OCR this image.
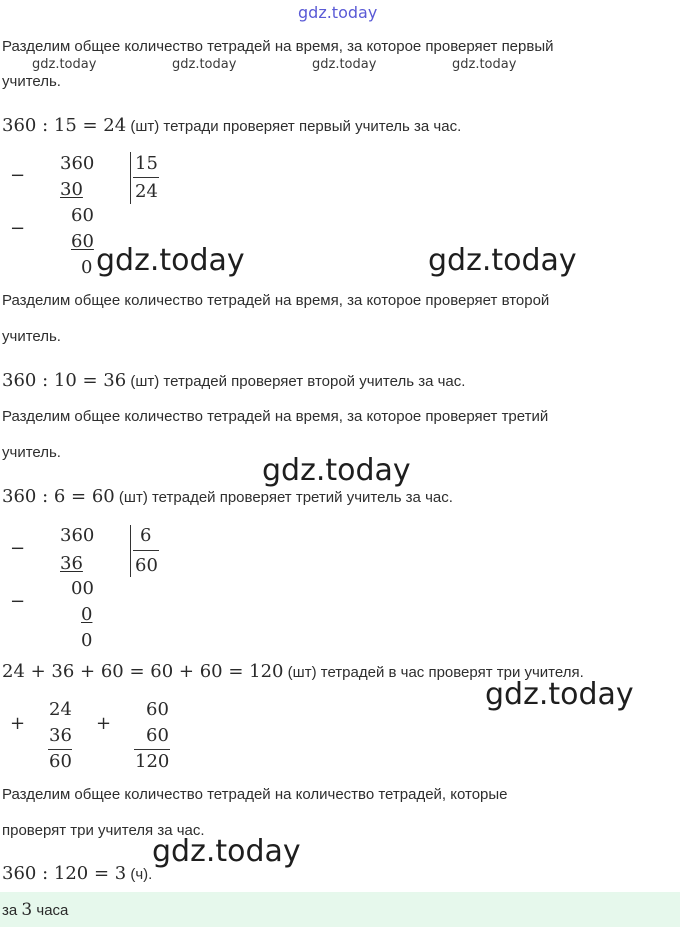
gdz.today
gdz.today	gdz.today	gdz.today	gdz.today
Разделим общее количество тетрадей на время, за которое проверяет первый
учитель.
360 : 15 = 24 (шт) тетради проверяет первый учитель за час.
−
360 15
30	24
−
60
60
0 gdz.today	gdz.today
Разделим общее количество тетрадей на время, за которое проверяет второй
учитель.
360 : 10 = 36 (шт) тетрадей проверяет второй учитель за час.
Разделим общее количество тетрадей на время, за которое проверяет третий
учитель.
gdz.today
360 : 6 = 60 (шт) тетрадей проверяет третий учитель за час.
−
360	6
36	60
−
00
0
0
24 + 36 + 60 = 60 + 60 = 120 (шт) тетрадей в час проверят три учителя.
gdz.today
+
24
36
60
+
60
60
120
Разделим общее количество тетрадей на количество тетрадей, которые
проверят три учителя за час.
360 : 120 = 3 (ч).
gdz.today
за 3 часа
